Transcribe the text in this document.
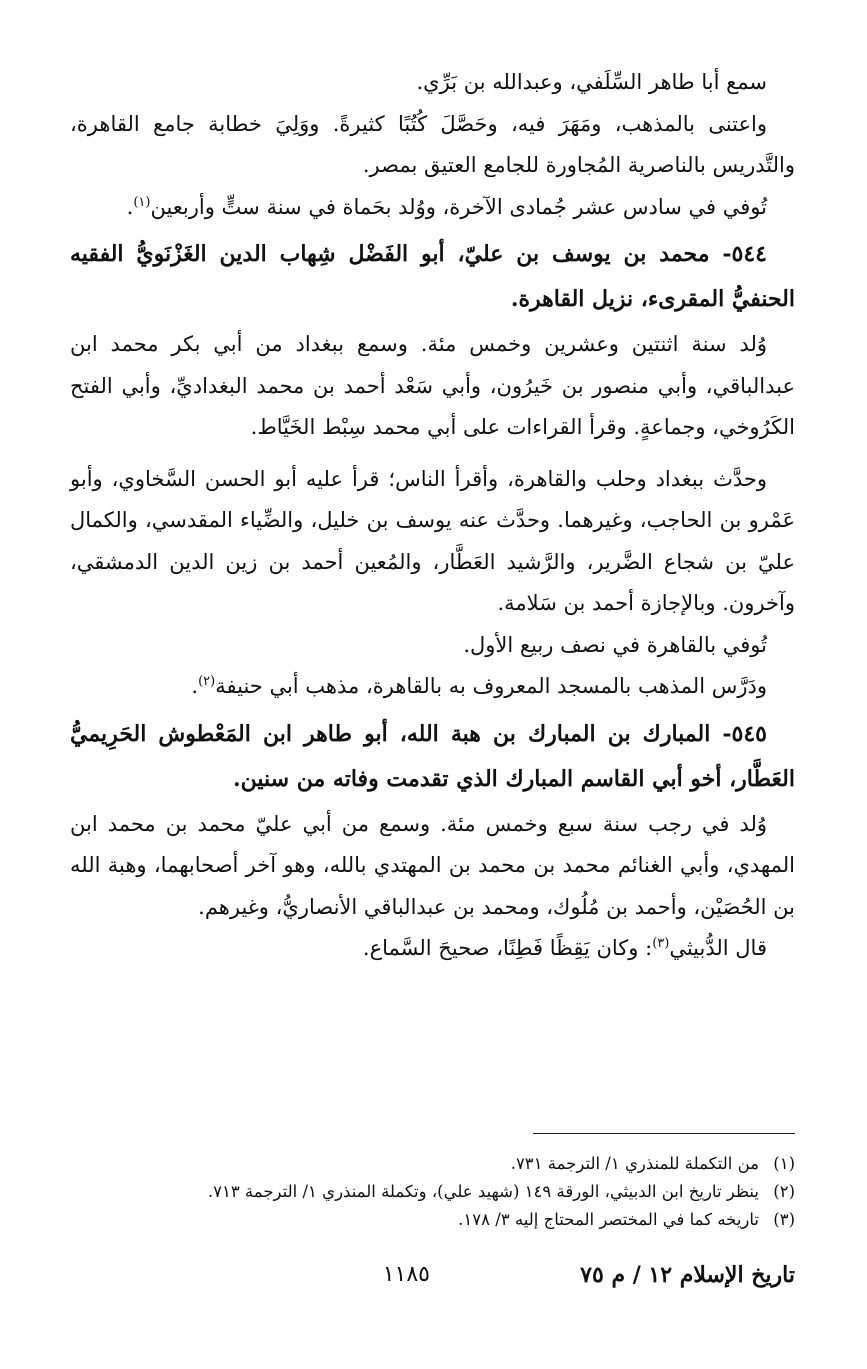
سمع أبا طاهر السِّلَفي، وعبدالله بن بَرِّي.

واعتنى بالمذهب، ومَهَرَ فيه، وحَصَّلَ كُتُبًا كثيرةً. ووَلِيَ خطابة جامع القاهرة، والتَّدريس بالناصرية المُجاورة للجامع العتيق بمصر.

تُوفي في سادس عشر جُمادى الآخرة، ووُلد بحَماة في سنة ستٍّ وأربعين$^{(١)}$.

٥٤٤- محمد بن يوسف بن عليّ، أبو الفَضْل شِهاب الدين الغَزْنَويُّ الفقيه الحنفيُّ المقرىء، نزيل القاهرة.

وُلد سنة اثنتين وعشرين وخمس مئة. وسمع ببغداد من أبي بكر محمد ابن عبدالباقي، وأبي منصور بن خَيرُون، وأبي سَعْد أحمد بن محمد البغداديِّ، وأبي الفتح الكَرُوخي، وجماعةٍ. وقرأ القراءات على أبي محمد سِبْط الخَيَّاط.

وحدَّث ببغداد وحلب والقاهرة، وأقرأ الناس؛ قرأ عليه أبو الحسن السَّخاوي، وأبو عَمْرو بن الحاجب، وغيرهما. وحدَّث عنه يوسف بن خليل، والضِّياء المقدسي، والكمال عليّ بن شجاع الضَّرير، والرَّشيد العَطَّار، والمُعين أحمد بن زين الدين الدمشقي، وآخرون. وبالإجازة أحمد بن سَلامة.

تُوفي بالقاهرة في نصف ربيع الأول.

ودَرَّس المذهب بالمسجد المعروف به بالقاهرة، مذهب أبي حنيفة$^{(٢)}$.

٥٤٥- المبارك بن المبارك بن هبة الله، أبو طاهر ابن المَعْطوش الحَرِيميُّ العَطَّار، أخو أبي القاسم المبارك الذي تقدمت وفاته من سنين.

وُلد في رجب سنة سبع وخمس مئة. وسمع من أبي عليّ محمد بن محمد ابن المهدي، وأبي الغنائم محمد بن محمد بن المهتدي بالله، وهو آخر أصحابهما، وهبة الله بن الحُصَيْن، وأحمد بن مُلُوك، ومحمد بن عبدالباقي الأنصاريُّ، وغيرهم.

قال الدُّبيثي$^{(٣)}$: وكان يَقِظًا فَطِنًا، صحيحَ السَّماع.

(١)من التكملة للمنذري ١/ الترجمة ٧٣١.

(٢)ينظر تاريخ ابن الدبيثي، الورقة ١٤٩ (شهيد علي)، وتكملة المنذري ١/ الترجمة ٧١٣.

(٣)تاريخه كما في المختصر المحتاج إليه ٣/ ١٧٨.

تاريخ الإسلام ١٢ / م ٧٥
١١٨٥
